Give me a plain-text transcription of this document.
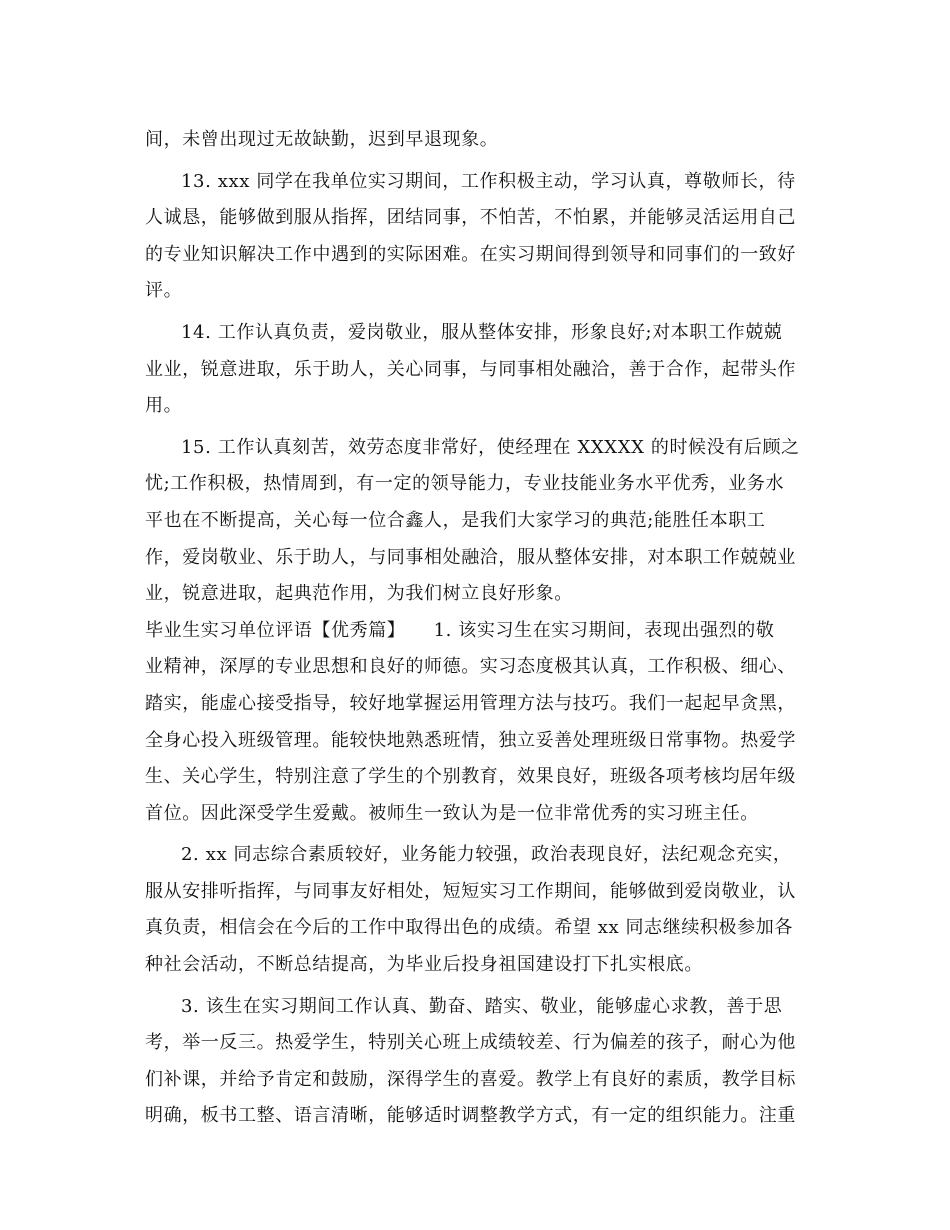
间，未曾出现过无故缺勤，迟到早退现象。
13. xxx 同学在我单位实习期间，工作积极主动，学习认真，尊敬师长，待
人诚恳，能够做到服从指挥，团结同事，不怕苦，不怕累，并能够灵活运用自己
的专业知识解决工作中遇到的实际困难。在实习期间得到领导和同事们的一致好
评。
14. 工作认真负责，爱岗敬业，服从整体安排，形象良好;对本职工作兢兢
业业，锐意进取，乐于助人，关心同事，与同事相处融洽，善于合作，起带头作
用。
15. 工作认真刻苦，效劳态度非常好，使经理在 XXXXX 的时候没有后顾之
忧;工作积极，热情周到，有一定的领导能力，专业技能业务水平优秀，业务水
平也在不断提高，关心每一位合鑫人，是我们大家学习的典范;能胜任本职工
作，爱岗敬业、乐于助人，与同事相处融洽，服从整体安排，对本职工作兢兢业
业，锐意进取，起典范作用，为我们树立良好形象。
毕业生实习单位评语【优秀篇】　　1. 该实习生在实习期间，表现出强烈的敬
业精神，深厚的专业思想和良好的师德。实习态度极其认真，工作积极、细心、
踏实，能虚心接受指导，较好地掌握运用管理方法与技巧。我们一起起早贪黑，
全身心投入班级管理。能较快地熟悉班情，独立妥善处理班级日常事物。热爱学
生、关心学生，特别注意了学生的个别教育，效果良好，班级各项考核均居年级
首位。因此深受学生爱戴。被师生一致认为是一位非常优秀的实习班主任。
2. xx 同志综合素质较好，业务能力较强，政治表现良好，法纪观念充实，
服从安排听指挥，与同事友好相处，短短实习工作期间，能够做到爱岗敬业，认
真负责，相信会在今后的工作中取得出色的成绩。希望 xx 同志继续积极参加各
种社会活动，不断总结提高，为毕业后投身祖国建设打下扎实根底。
3. 该生在实习期间工作认真、勤奋、踏实、敬业，能够虚心求教，善于思
考，举一反三。热爱学生，特别关心班上成绩较差、行为偏差的孩子，耐心为他
们补课，并给予肯定和鼓励，深得学生的喜爱。教学上有良好的素质，教学目标
明确，板书工整、语言清晰，能够适时调整教学方式，有一定的组织能力。注重
